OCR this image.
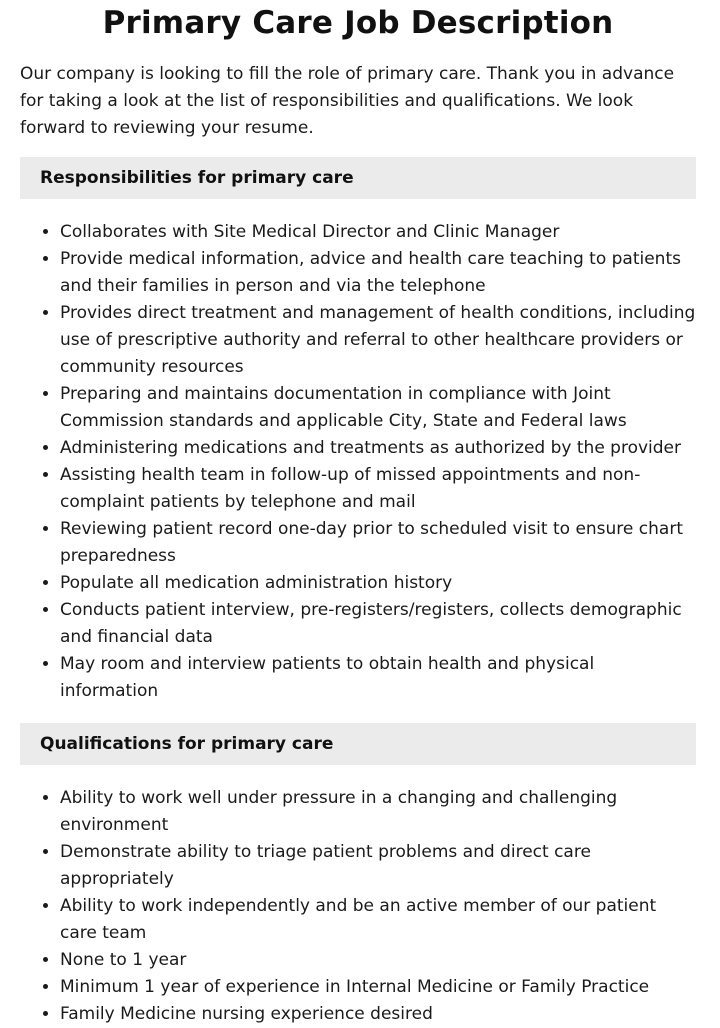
Primary Care Job Description

Our company is looking to fill the role of primary care. Thank you in advance for taking a look at the list of responsibilities and qualifications. We look forward to reviewing your resume.

Responsibilities for primary care
• Collaborates with Site Medical Director and Clinic Manager
• Provide medical information, advice and health care teaching to patients and their families in person and via the telephone
• Provides direct treatment and management of health conditions, including use of prescriptive authority and referral to other healthcare providers or community resources
• Preparing and maintains documentation in compliance with Joint Commission standards and applicable City, State and Federal laws
• Administering medications and treatments as authorized by the provider
• Assisting health team in follow-up of missed appointments and non-complaint patients by telephone and mail
• Reviewing patient record one-day prior to scheduled visit to ensure chart preparedness
• Populate all medication administration history
• Conducts patient interview, pre-registers/registers, collects demographic and financial data
• May room and interview patients to obtain health and physical information
Qualifications for primary care
• Ability to work well under pressure in a changing and challenging environment
• Demonstrate ability to triage patient problems and direct care appropriately
• Ability to work independently and be an active member of our patient care team
• None to 1 year
• Minimum 1 year of experience in Internal Medicine or Family Practice
• Family Medicine nursing experience desired
